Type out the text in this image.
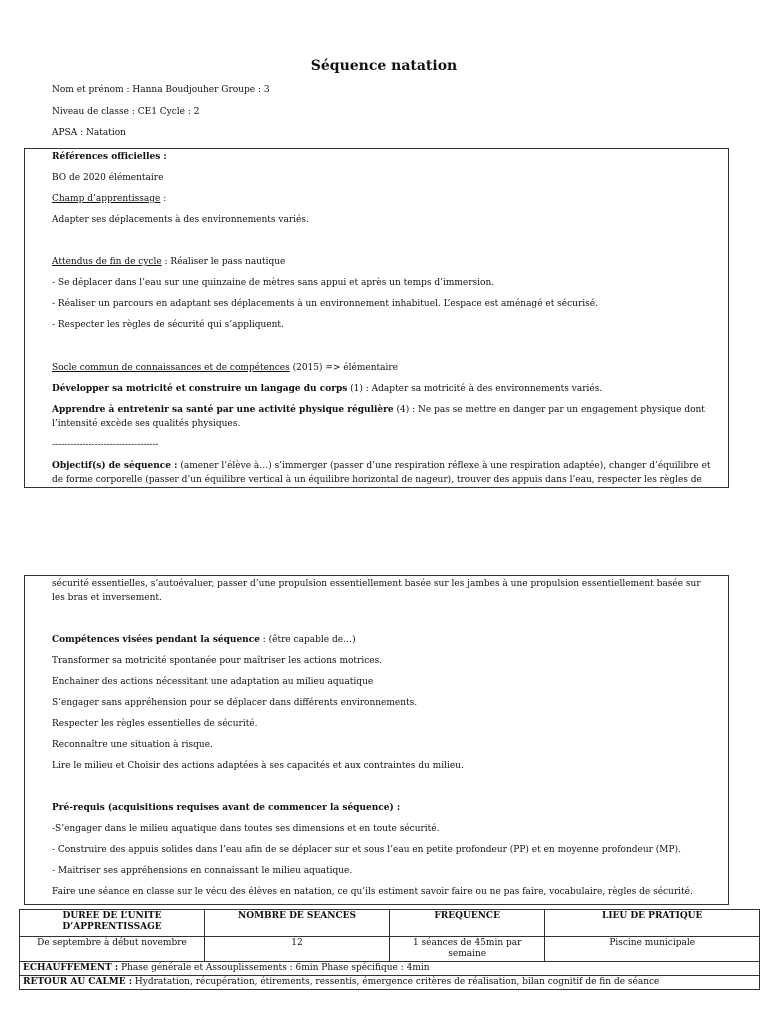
Séquence natation
Nom et prénom : Hanna Boudjouher Groupe : 3
Niveau de classe : CE1 Cycle : 2
APSA : Natation

Références officielles :

BO de 2020 élémentaire

Champ d’apprentissage :

Adapter ses déplacements à des environnements variés.

Attendus de fin de cycle : Réaliser le pass nautique

- Se déplacer dans l’eau sur une quinzaine de mètres sans appui et après un temps d’immersion.

- Réaliser un parcours en adaptant ses déplacements à un environnement inhabituel. L’espace est aménagé et sécurisé.

- Respecter les règles de sécurité qui s’appliquent.

Socle commun de connaissances et de compétences (2015) => élémentaire

Développer sa motricité et construire un langage du corps (1) : Adapter sa motricité à des environnements variés.

Apprendre à entretenir sa santé par une activité physique régulière (4) : Ne pas se mettre en danger par un engagement physique dont
l’intensité excède ses qualités physiques.

-----------------------------------

Objectif(s) de séquence : (amener l’élève à…) s’immerger (passer d’une respiration réflexe à une respiration adaptée), changer d’équilibre et
de forme corporelle (passer d’un équilibre vertical à un équilibre horizontal de nageur), trouver des appuis dans l’eau, respecter les règles de

sécurité essentielles, s’autoévaluer, passer d’une propulsion essentiellement basée sur les jambes à une propulsion essentiellement basée sur
les bras et inversement.

Compétences visées pendant la séquence : (être capable de…)

Transformer sa motricité spontanée pour maîtriser les actions motrices.

Enchainer des actions nécessitant une adaptation au milieu aquatique

S’engager sans appréhension pour se déplacer dans différents environnements.

Respecter les règles essentielles de sécurité.

Reconnaître une situation à risque.

Lire le milieu et Choisir des actions adaptées à ses capacités et aux contraintes du milieu.

Pré-requis (acquisitions requises avant de commencer la séquence) :

-S’engager dans le milieu aquatique dans toutes ses dimensions et en toute sécurité.

- Construire des appuis solides dans l’eau afin de se déplacer sur et sous l’eau en petite profondeur (PP) et en moyenne profondeur (MP).

- Maitriser ses appréhensions en connaissant le milieu aquatique.

Faire une séance en classe sur le vécu des élèves en natation, ce qu’ils estiment savoir faire ou ne pas faire, vocabulaire, règles de sécurité.

DUREE DE L’UNITE D’APPRENTISSAGE	NOMBRE DE SEANCES	FREQUENCE	LIEU DE PRATIQUE
De septembre à début novembre	12	1 séances de 45min par semaine	Piscine municipale
ECHAUFFEMENT : Phase générale et Assouplissements : 6min Phase spécifique : 4min			
RETOUR AU CALME : Hydratation, récupération, étirements, ressentis, émergence critères de réalisation, bilan cognitif de fin de séance			
